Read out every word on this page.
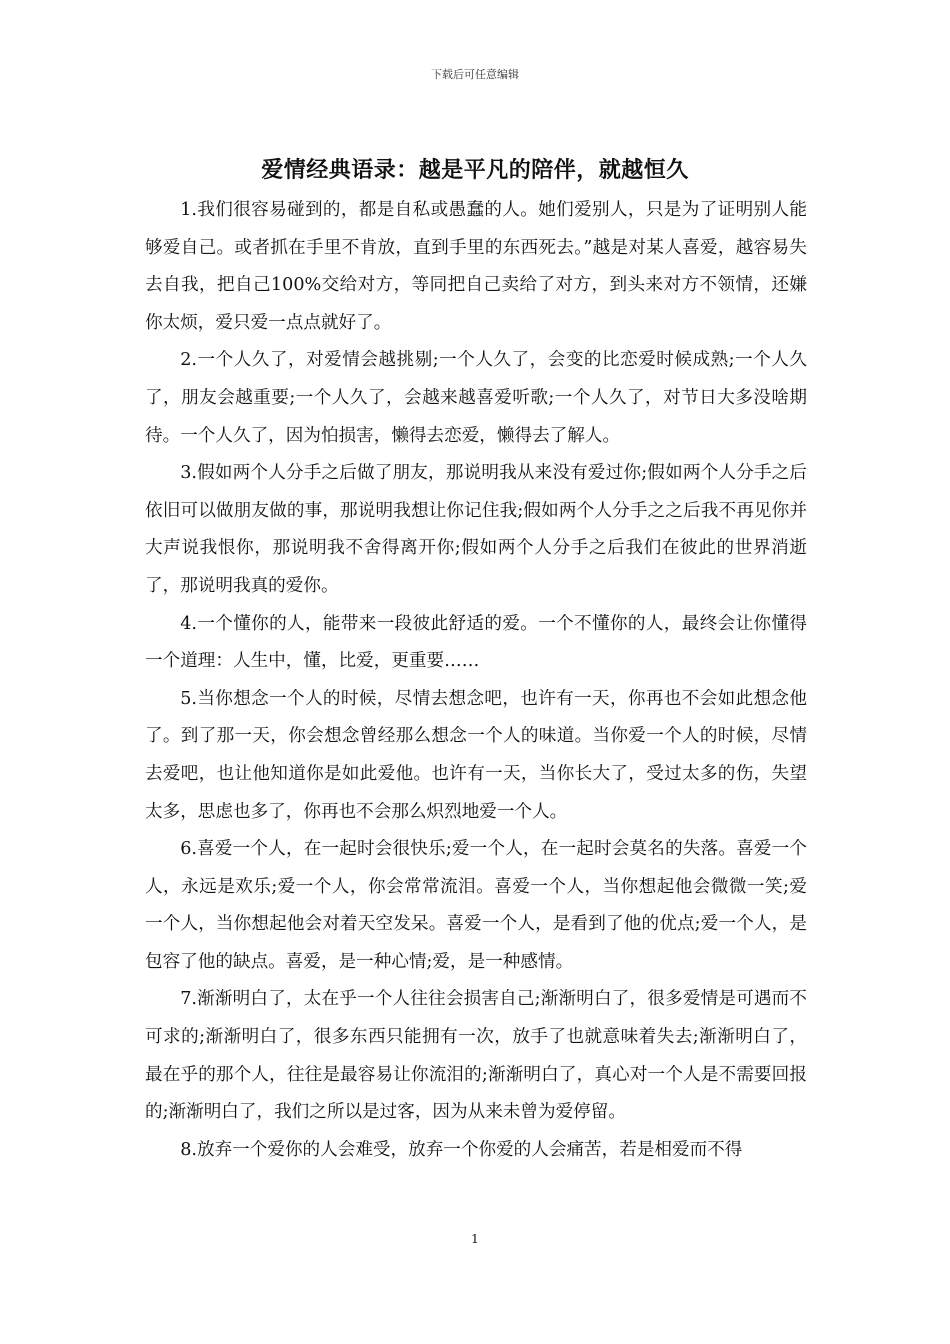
下载后可任意编辑
爱情经典语录：越是平凡的陪伴，就越恒久

1.我们很容易碰到的，都是自私或愚蠢的人。她们爱别人，只是为了证明别人能够爱自己。或者抓在手里不肯放，直到手里的东西死去。”越是对某人喜爱，越容易失去自我，把自己100%交给对方，等同把自己卖给了对方，到头来对方不领情，还嫌你太烦，爱只爱一点点就好了。

2.一个人久了，对爱情会越挑剔;一个人久了，会变的比恋爱时候成熟;一个人久了，朋友会越重要;一个人久了，会越来越喜爱听歌;一个人久了，对节日大多没啥期待。一个人久了，因为怕损害，懒得去恋爱，懒得去了解人。

3.假如两个人分手之后做了朋友，那说明我从来没有爱过你;假如两个人分手之后依旧可以做朋友做的事，那说明我想让你记住我;假如两个人分手之之后我不再见你并大声说我恨你，那说明我不舍得离开你;假如两个人分手之后我们在彼此的世界消逝了，那说明我真的爱你。

4.一个懂你的人，能带来一段彼此舒适的爱。一个不懂你的人，最终会让你懂得一个道理：人生中，懂，比爱，更重要……

5.当你想念一个人的时候，尽情去想念吧，也许有一天，你再也不会如此想念他了。到了那一天，你会想念曾经那么想念一个人的味道。当你爱一个人的时候，尽情去爱吧，也让他知道你是如此爱他。也许有一天，当你长大了，受过太多的伤，失望太多，思虑也多了，你再也不会那么炽烈地爱一个人。

6.喜爱一个人，在一起时会很快乐;爱一个人，在一起时会莫名的失落。喜爱一个人，永远是欢乐;爱一个人，你会常常流泪。喜爱一个人，当你想起他会微微一笑;爱一个人，当你想起他会对着天空发呆。喜爱一个人，是看到了他的优点;爱一个人，是包容了他的缺点。喜爱，是一种心情;爱，是一种感情。

7.渐渐明白了，太在乎一个人往往会损害自己;渐渐明白了，很多爱情是可遇而不可求的;渐渐明白了，很多东西只能拥有一次，放手了也就意味着失去;渐渐明白了，最在乎的那个人，往往是最容易让你流泪的;渐渐明白了，真心对一个人是不需要回报的;渐渐明白了，我们之所以是过客，因为从来未曾为爱停留。

8.放弃一个爱你的人会难受，放弃一个你爱的人会痛苦，若是相爱而不得

1
